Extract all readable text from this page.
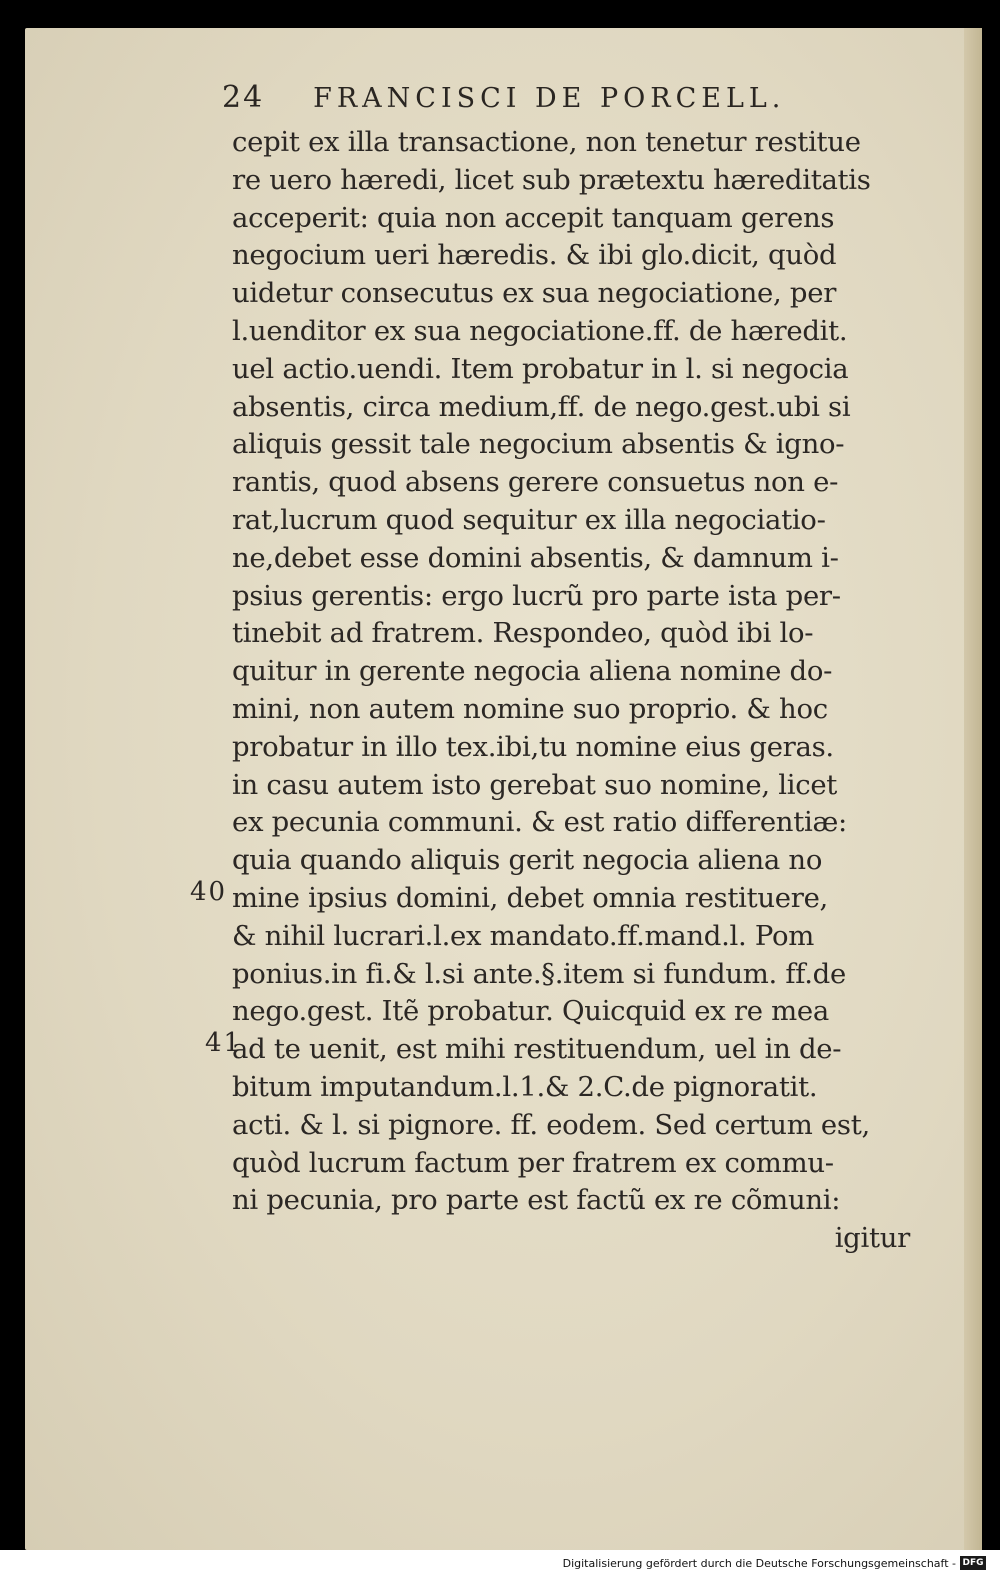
24 FRANCISCI DE PORCELL.
cepit ex illa transactione, non tenetur restitue
re uero hæredi, licet sub prætextu hæreditatis
acceperit: quia non accepit tanquam gerens
negocium ueri hæredis. & ibi glo.dicit, quòd
uidetur consecutus ex sua negociatione, per
l.uenditor ex sua negociatione.ff. de hæredit.
uel actio.uendi. Item probatur in l. si negocia
absentis, circa medium,ff. de nego.gest.ubi si
aliquis gessit tale negocium absentis & igno-
rantis, quod absens gerere consuetus non e-
rat,lucrum quod sequitur ex illa negociatio-
ne,debet esse domini absentis, & damnum i-
psius gerentis: ergo lucrũ pro parte ista per-
tinebit ad fratrem. Respondeo, quòd ibi lo-
quitur in gerente negocia aliena nomine do-
mini, non autem nomine suo proprio. & hoc
probatur in illo tex.ibi,tu nomine eius geras.
in casu autem isto gerebat suo nomine, licet
ex pecunia communi. & est ratio differentiæ:
quia quando aliquis gerit negocia aliena no
mine ipsius domini, debet omnia restituere,
& nihil lucrari.l.ex mandato.ff.mand.l. Pom
ponius.in fi.& l.si ante.§.item si fundum. ff.de
nego.gest. Itẽ probatur. Quicquid ex re mea
ad te uenit, est mihi restituendum, uel in de-
bitum imputandum.l.1.& 2.C.de pignoratit.
acti. & l. si pignore. ff. eodem. Sed certum est,
quòd lucrum factum per fratrem ex commu-
ni pecunia, pro parte est factũ ex re cõmuni:
igitur
40
41
Digitalisierung gefördert durch die Deutsche Forschungsgemeinschaft - DFG
